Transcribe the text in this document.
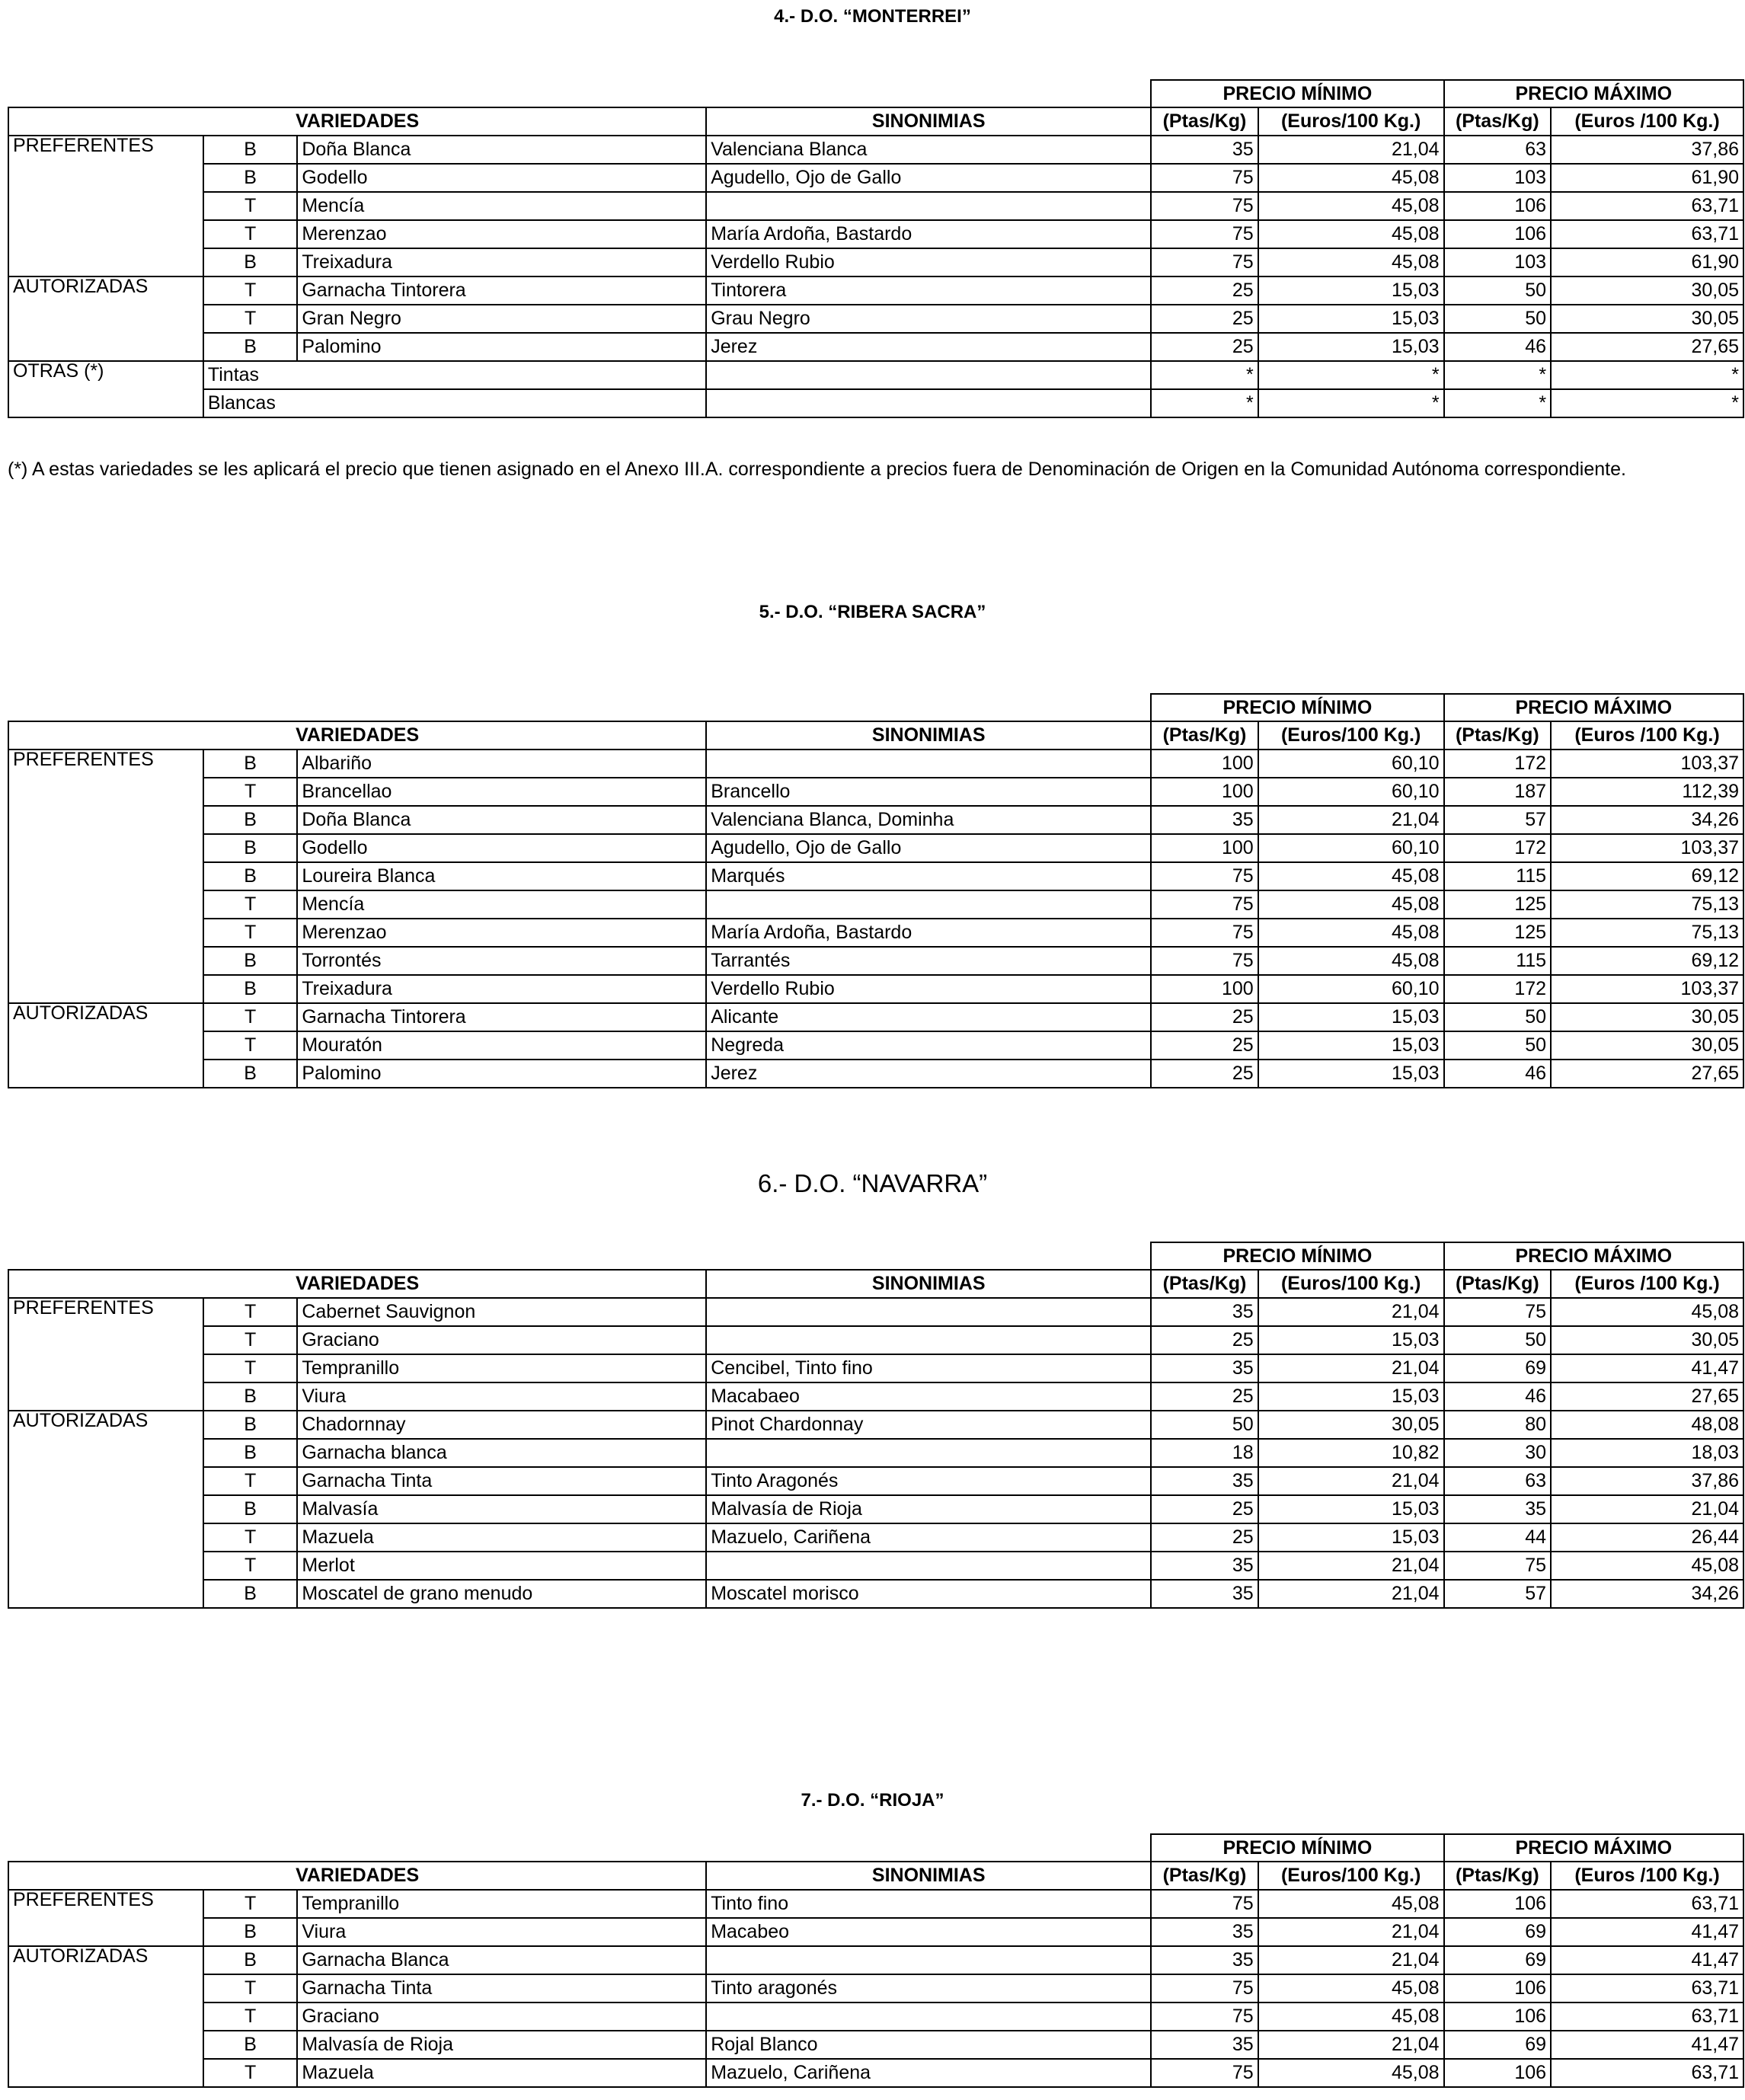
4.- D.O. “MONTERREI”
				PRECIO MÍNIMO		PRECIO MÁXIMO	
VARIEDADES			SINONIMIAS	(Ptas/Kg)	(Euros/100 Kg.)	(Ptas/Kg)	(Euros /100 Kg.)
PREFERENTES	B	Doña Blanca	Valenciana Blanca	35	21,04	63	37,86
	B	Godello	Agudello, Ojo de Gallo	75	45,08	103	61,90
	T	Mencía		75	45,08	106	63,71
	T	Merenzao	María Ardoña, Bastardo	75	45,08	106	63,71
	B	Treixadura	Verdello Rubio	75	45,08	103	61,90
AUTORIZADAS	T	Garnacha Tintorera	Tintorera	25	15,03	50	30,05
	T	Gran Negro	Grau Negro	25	15,03	50	30,05
	B	Palomino	Jerez	25	15,03	46	27,65
OTRAS (*)	Tintas			*	*	*	*
	Blancas			*	*	*	*
(*) A estas variedades se les aplicará el precio que tienen asignado en el Anexo III.A. correspondiente a precios fuera de Denominación de Origen en la Comunidad Autónoma correspondiente.
5.- D.O. “RIBERA SACRA”
				PRECIO MÍNIMO		PRECIO MÁXIMO	
VARIEDADES			SINONIMIAS	(Ptas/Kg)	(Euros/100 Kg.)	(Ptas/Kg)	(Euros /100 Kg.)
PREFERENTES	B	Albariño		100	60,10	172	103,37
	T	Brancellao	Brancello	100	60,10	187	112,39
	B	Doña Blanca	Valenciana Blanca, Dominha	35	21,04	57	34,26
	B	Godello	Agudello, Ojo de Gallo	100	60,10	172	103,37
	B	Loureira Blanca	Marqués	75	45,08	115	69,12
	T	Mencía		75	45,08	125	75,13
	T	Merenzao	María Ardoña, Bastardo	75	45,08	125	75,13
	B	Torrontés	Tarrantés	75	45,08	115	69,12
	B	Treixadura	Verdello Rubio	100	60,10	172	103,37
AUTORIZADAS	T	Garnacha Tintorera	Alicante	25	15,03	50	30,05
	T	Mouratón	Negreda	25	15,03	50	30,05
	B	Palomino	Jerez	25	15,03	46	27,65
6.- D.O. “NAVARRA”
				PRECIO MÍNIMO		PRECIO MÁXIMO	
VARIEDADES			SINONIMIAS	(Ptas/Kg)	(Euros/100 Kg.)	(Ptas/Kg)	(Euros /100 Kg.)
PREFERENTES	T	Cabernet Sauvignon		35	21,04	75	45,08
	T	Graciano		25	15,03	50	30,05
	T	Tempranillo	Cencibel, Tinto fino	35	21,04	69	41,47
	B	Viura	Macabaeo	25	15,03	46	27,65
AUTORIZADAS	B	Chadornnay	Pinot Chardonnay	50	30,05	80	48,08
	B	Garnacha blanca		18	10,82	30	18,03
	T	Garnacha Tinta	Tinto Aragonés	35	21,04	63	37,86
	B	Malvasía	Malvasía de Rioja	25	15,03	35	21,04
	T	Mazuela	Mazuelo, Cariñena	25	15,03	44	26,44
	T	Merlot		35	21,04	75	45,08
	B	Moscatel de grano menudo	Moscatel morisco	35	21,04	57	34,26
7.- D.O. “RIOJA”
				PRECIO MÍNIMO		PRECIO MÁXIMO	
VARIEDADES			SINONIMIAS	(Ptas/Kg)	(Euros/100 Kg.)	(Ptas/Kg)	(Euros /100 Kg.)
PREFERENTES	T	Tempranillo	Tinto fino	75	45,08	106	63,71
	B	Viura	Macabeo	35	21,04	69	41,47
AUTORIZADAS	B	Garnacha Blanca		35	21,04	69	41,47
	T	Garnacha Tinta	Tinto aragonés	75	45,08	106	63,71
	T	Graciano		75	45,08	106	63,71
	B	Malvasía de Rioja	Rojal Blanco	35	21,04	69	41,47
	T	Mazuela	Mazuelo, Cariñena	75	45,08	106	63,71
